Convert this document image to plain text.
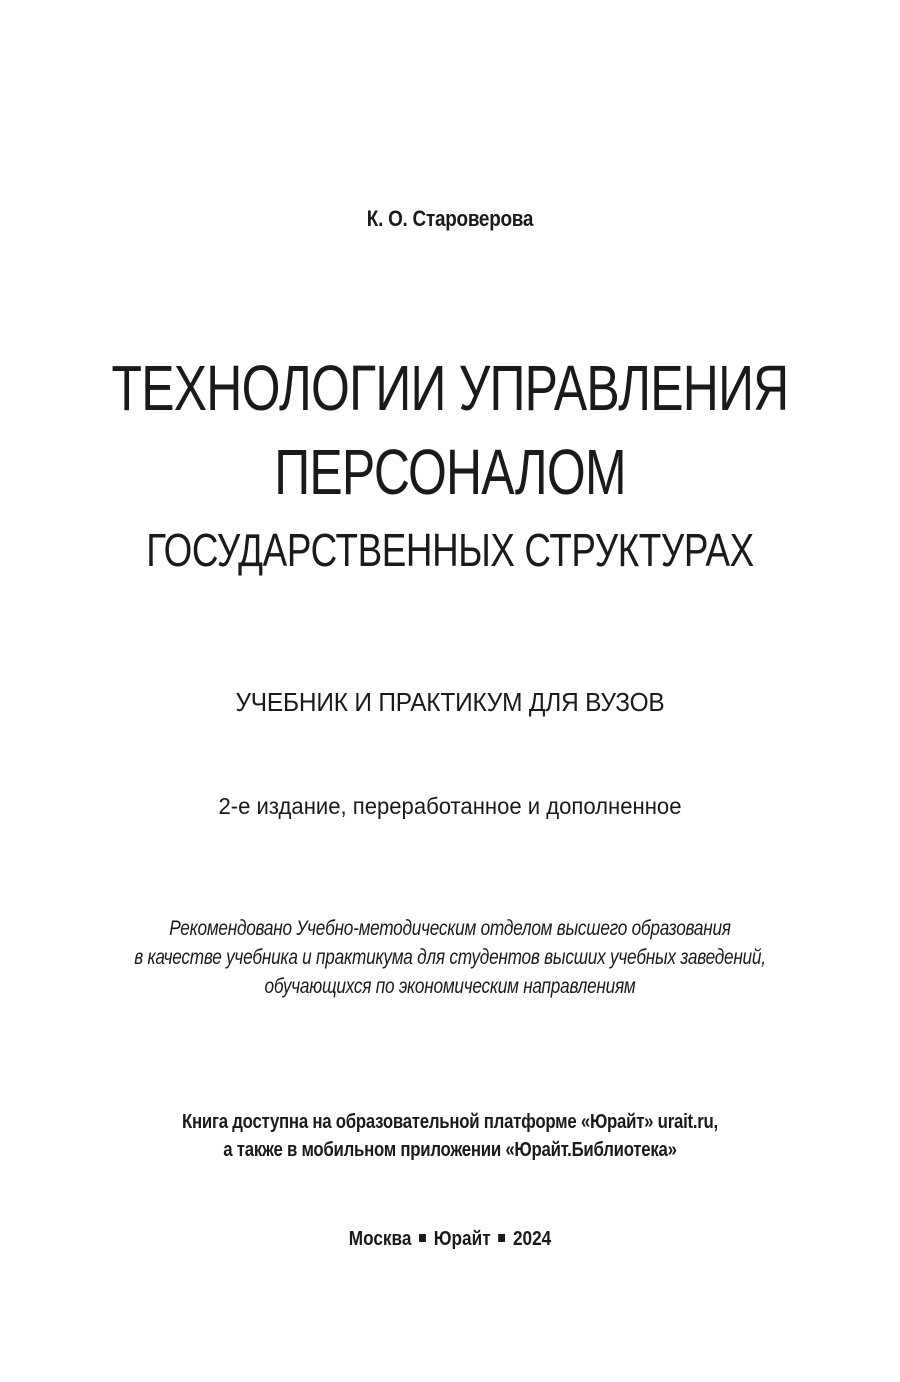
К. О. Староверова
ТЕХНОЛОГИИ УПРАВЛЕНИЯ
ПЕРСОНАЛОМ
ГОСУДАРСТВЕННЫХ СТРУКТУРАХ
УЧЕБНИК И ПРАКТИКУМ ДЛЯ ВУЗОВ
2-е издание, переработанное и дополненное
Рекомендовано Учебно-методическим отделом высшего образования
в качестве учебника и практикума для студентов высших учебных заведений,
обучающихся по экономическим направлениям
Книга доступна на образовательной платформе «Юрайт» urait.ru,
а также в мобильном приложении «Юрайт.Библиотека»
Москва Юрайт 2024
